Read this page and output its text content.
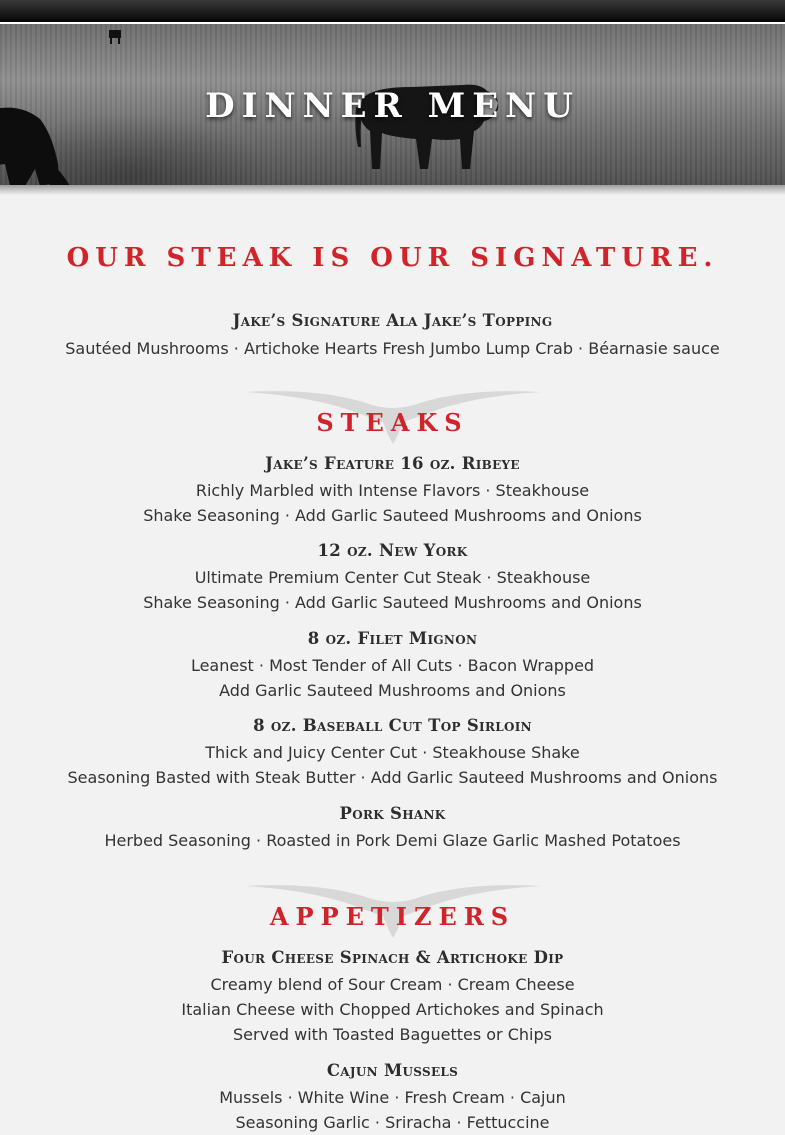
DINNER MENU
OUR STEAK IS OUR SIGNATURE.

Jake’s Signature Ala Jake’s Topping

Sautéed Mushrooms · Artichoke Hearts Fresh Jumbo Lump Crab · Béarnasie sauce

STEAKS

Jake’s Feature 16 oz. Ribeye

Richly Marbled with Intense Flavors · Steakhouse

Shake Seasoning · Add Garlic Sauteed Mushrooms and Onions

12 oz. New York

Ultimate Premium Center Cut Steak · Steakhouse

Shake Seasoning · Add Garlic Sauteed Mushrooms and Onions

8 oz. Filet Mignon

Leanest · Most Tender of All Cuts · Bacon Wrapped

Add Garlic Sauteed Mushrooms and Onions

8 oz. Baseball Cut Top Sirloin

Thick and Juicy Center Cut · Steakhouse Shake

Seasoning Basted with Steak Butter · Add Garlic Sauteed Mushrooms and Onions

Pork Shank

Herbed Seasoning · Roasted in Pork Demi Glaze Garlic Mashed Potatoes

APPETIZERS

Four Cheese Spinach & Artichoke Dip

Creamy blend of Sour Cream · Cream Cheese

Italian Cheese with Chopped Artichokes and Spinach

Served with Toasted Baguettes or Chips

Cajun Mussels

Mussels · White Wine · Fresh Cream · Cajun

Seasoning Garlic · Sriracha · Fettuccine
